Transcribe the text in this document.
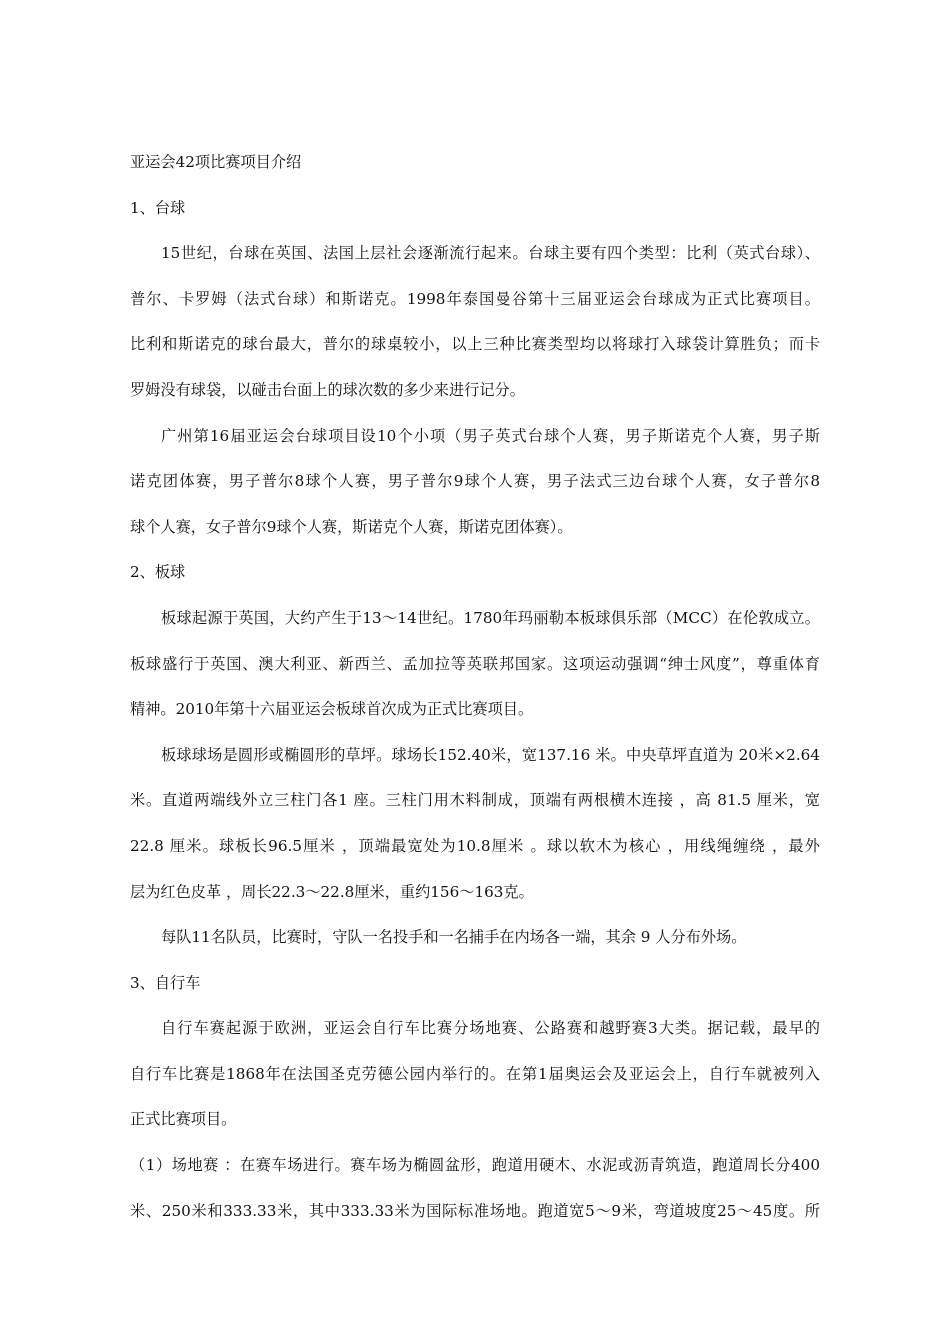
亚运会42项比赛项目介绍
1、台球
15世纪，台球在英国、法国上层社会逐渐流行起来。台球主要有四个类型：比利（英式台球）、
普尔、卡罗姆（法式台球）和斯诺克。1998年泰国曼谷第十三届亚运会台球成为正式比赛项目。
比利和斯诺克的球台最大，普尔的球桌较小，以上三种比赛类型均以将球打入球袋计算胜负；而卡
罗姆没有球袋，以碰击台面上的球次数的多少来进行记分。
广州第16届亚运会台球项目设10个小项（男子英式台球个人赛，男子斯诺克个人赛，男子斯
诺克团体赛，男子普尔8球个人赛，男子普尔9球个人赛，男子法式三边台球个人赛，女子普尔8
球个人赛，女子普尔9球个人赛，斯诺克个人赛，斯诺克团体赛）。
2、板球
板球起源于英国，大约产生于13～14世纪。1780年玛丽勒本板球俱乐部（MCC）在伦敦成立。
板球盛行于英国、澳大利亚、新西兰、孟加拉等英联邦国家。这项运动强调“绅士风度”，尊重体育
精神。2010年第十六届亚运会板球首次成为正式比赛项目。
板球球场是圆形或椭圆形的草坪。球场长152.40米，宽137.16 米。中央草坪直道为 20米×2.64
米。直道两端线外立三柱门各1 座。三柱门用木料制成，顶端有两根横木连接 ，高 81.5 厘米，宽
22.8 厘米。球板长96.5厘米 ，顶端最宽处为10.8厘米 。球以软木为核心 ，用线绳缠绕 ，最外
层为红色皮革 ，周长22.3～22.8厘米，重约156～163克。
每队11名队员，比赛时，守队一名投手和一名捕手在内场各一端，其余 9 人分布外场。
3、自行车
自行车赛起源于欧洲，亚运会自行车比赛分场地赛、公路赛和越野赛3大类。据记载，最早的
自行车比赛是1868年在法国圣克劳德公园内举行的。在第1届奥运会及亚运会上，自行车就被列入
正式比赛项目。
（1）场地赛 ：在赛车场进行。赛车场为椭圆盆形，跑道用硬木、水泥或沥青筑造，跑道周长分400
米、250米和333.33米，其中333.33米为国际标准场地。跑道宽5～9米，弯道坡度25～45度。所
